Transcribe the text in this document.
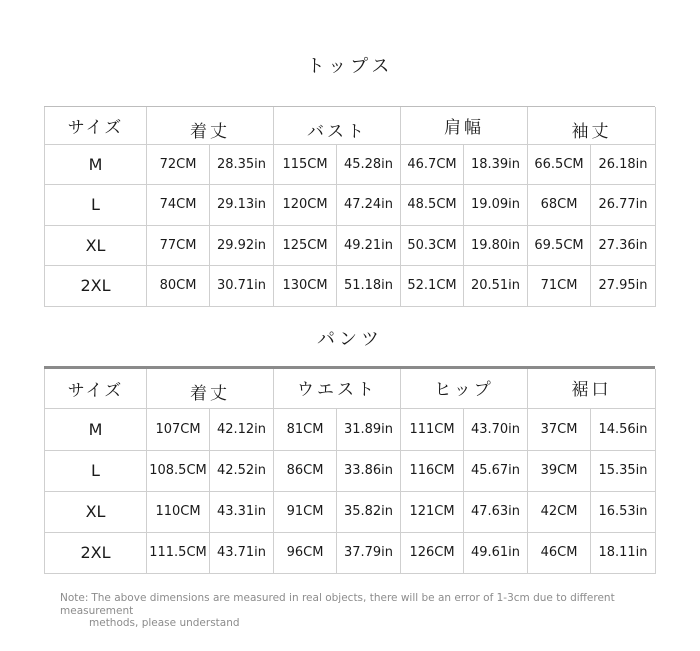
トップス
サイズ	着丈		バスト		肩幅		袖丈	
M	72CM	28.35in	115CM	45.28in	46.7CM	18.39in	66.5CM	26.18in
L	74CM	29.13in	120CM	47.24in	48.5CM	19.09in	68CM	26.77in
XL	77CM	29.92in	125CM	49.21in	50.3CM	19.80in	69.5CM	27.36in
2XL	80CM	30.71in	130CM	51.18in	52.1CM	20.51in	71CM	27.95in
パンツ
サイズ	着丈		ウエスト		ヒップ		裾口	
M	107CM	42.12in	81CM	31.89in	111CM	43.70in	37CM	14.56in
L	108.5CM	42.52in	86CM	33.86in	116CM	45.67in	39CM	15.35in
XL	110CM	43.31in	91CM	35.82in	121CM	47.63in	42CM	16.53in
2XL	111.5CM	43.71in	96CM	37.79in	126CM	49.61in	46CM	18.11in
Note: The above dimensions are measured in real objects, there will be an error of 1-3cm due to different measurement
methods, please understand
